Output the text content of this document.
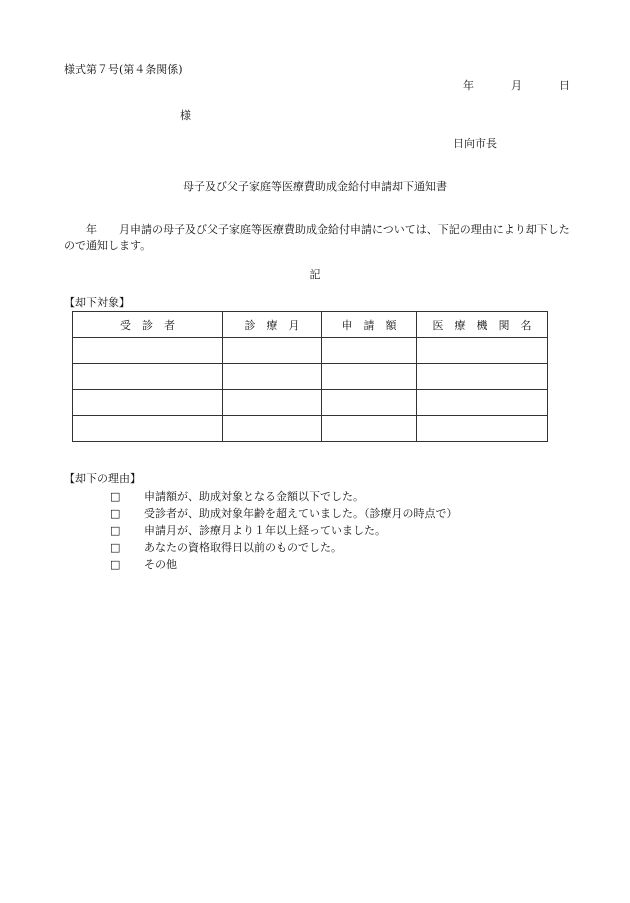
様式第７号(第４条関係)
年	月	日
様
日向市長
母子及び父子家庭等医療費助成金給付申請却下通知書
　　年　　月申請の母子及び父子家庭等医療費助成金給付申請については、下記の理由により却下したので通知します。
記
【却下対象】
受　診　者	診　療　月	申　請　額	医　療　機　関　名

【却下の理由】
□ 申請額が、助成対象となる金額以下でした。
□ 受診者が、助成対象年齢を超えていました。（診療月の時点で）
□ 申請月が、診療月より１年以上経っていました。
□ あなたの資格取得日以前のものでした。
□ その他
